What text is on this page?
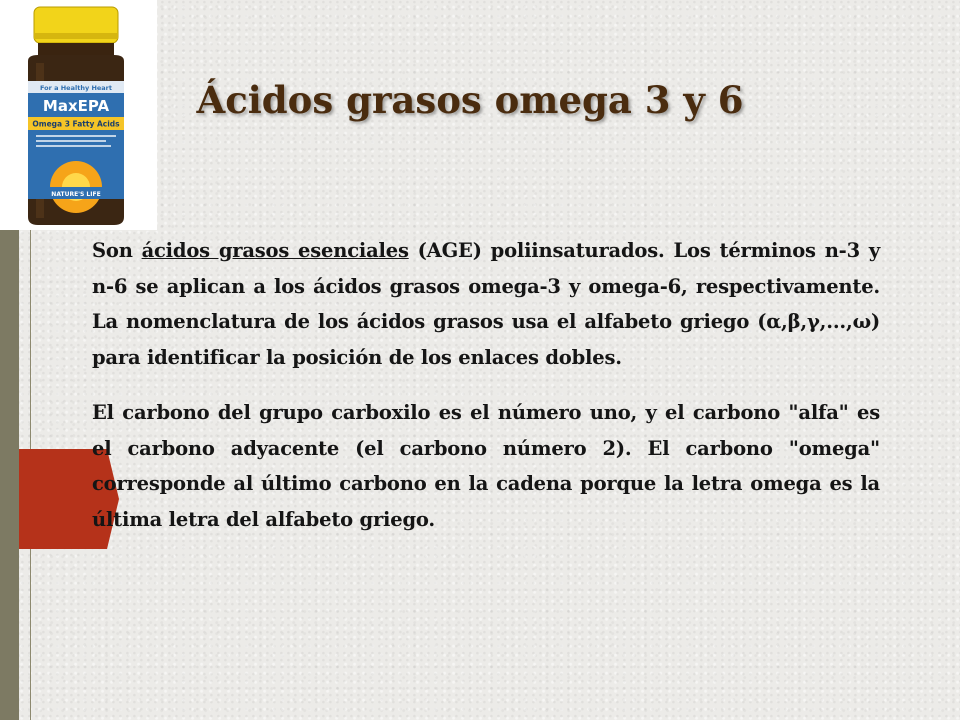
For a Healthy Heart
MaxEPA
Omega 3 Fatty Acids
NATURE'S LIFE
Ácidos grasos omega 3 y 6

Son ácidos grasos esenciales (AGE) poliinsaturados. Los términos n-3 y n-6 se aplican a los ácidos grasos omega-3 y omega-6, respectivamente. La nomenclatura de los ácidos grasos usa el alfabeto griego (α,β,γ,...,ω) para identificar la posición de los enlaces dobles.

El carbono del grupo carboxilo es el número uno, y el carbono "alfa" es el carbono adyacente (el carbono número 2). El carbono "omega" corresponde al último carbono en la cadena porque la letra omega es la última letra del alfabeto griego.
